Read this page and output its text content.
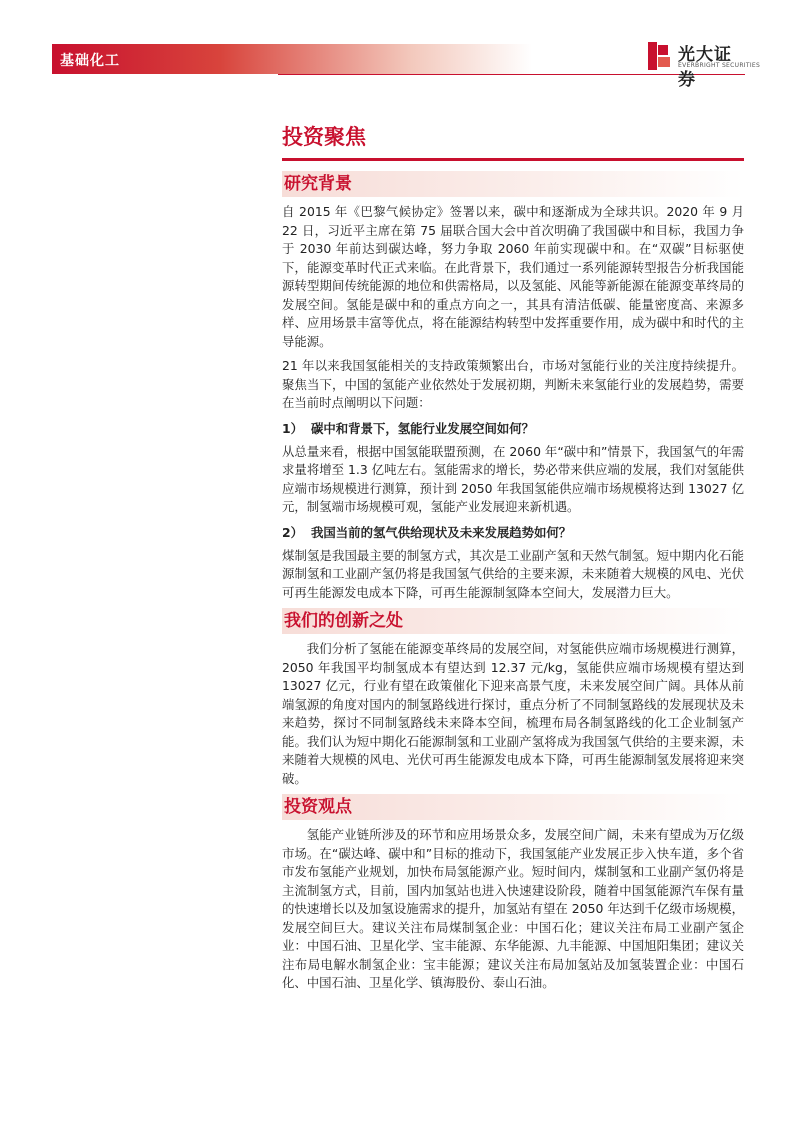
基础化工	光大证券
EVERBRIGHT SECURITIES
投资聚焦
研究背景

自 2015 年《巴黎气候协定》签署以来，碳中和逐渐成为全球共识。2020 年 9 月 22 日，习近平主席在第 75 届联合国大会中首次明确了我国碳中和目标，我国力争于 2030 年前达到碳达峰，努力争取 2060 年前实现碳中和。在“双碳”目标驱使下，能源变革时代正式来临。在此背景下，我们通过一系列能源转型报告分析我国能源转型期间传统能源的地位和供需格局，以及氢能、风能等新能源在能源变革终局的发展空间。氢能是碳中和的重点方向之一，其具有清洁低碳、能量密度高、来源多样、应用场景丰富等优点，将在能源结构转型中发挥重要作用，成为碳中和时代的主导能源。

21 年以来我国氢能相关的支持政策频繁出台，市场对氢能行业的关注度持续提升。聚焦当下，中国的氢能产业依然处于发展初期，判断未来氢能行业的发展趋势，需要在当前时点阐明以下问题：

1） 碳中和背景下，氢能行业发展空间如何？

从总量来看，根据中国氢能联盟预测，在 2060 年“碳中和”情景下，我国氢气的年需求量将增至 1.3 亿吨左右。氢能需求的增长，势必带来供应端的发展，我们对氢能供应端市场规模进行测算，预计到 2050 年我国氢能供应端市场规模将达到 13027 亿元，制氢端市场规模可观，氢能产业发展迎来新机遇。

2） 我国当前的氢气供给现状及未来发展趋势如何？

煤制氢是我国最主要的制氢方式，其次是工业副产氢和天然气制氢。短中期内化石能源制氢和工业副产氢仍将是我国氢气供给的主要来源，未来随着大规模的风电、光伏可再生能源发电成本下降，可再生能源制氢降本空间大，发展潜力巨大。

我们的创新之处

我们分析了氢能在能源变革终局的发展空间，对氢能供应端市场规模进行测算，2050 年我国平均制氢成本有望达到 12.37 元/kg，氢能供应端市场规模有望达到 13027 亿元，行业有望在政策催化下迎来高景气度，未来发展空间广阔。具体从前端氢源的角度对国内的制氢路线进行探讨，重点分析了不同制氢路线的发展现状及未来趋势，探讨不同制氢路线未来降本空间，梳理布局各制氢路线的化工企业制氢产能。我们认为短中期化石能源制氢和工业副产氢将成为我国氢气供给的主要来源，未来随着大规模的风电、光伏可再生能源发电成本下降，可再生能源制氢发展将迎来突破。

投资观点

氢能产业链所涉及的环节和应用场景众多，发展空间广阔，未来有望成为万亿级市场。在“碳达峰、碳中和”目标的推动下，我国氢能产业发展正步入快车道，多个省市发布氢能产业规划，加快布局氢能源产业。短时间内，煤制氢和工业副产氢仍将是主流制氢方式，目前，国内加氢站也进入快速建设阶段，随着中国氢能源汽车保有量的快速增长以及加氢设施需求的提升，加氢站有望在 2050 年达到千亿级市场规模，发展空间巨大。建议关注布局煤制氢企业：中国石化；建议关注布局工业副产氢企业：中国石油、卫星化学、宝丰能源、东华能源、九丰能源、中国旭阳集团；建议关注布局电解水制氢企业：宝丰能源；建议关注布局加氢站及加氢装置企业：中国石化、中国石油、卫星化学、镇海股份、泰山石油。
